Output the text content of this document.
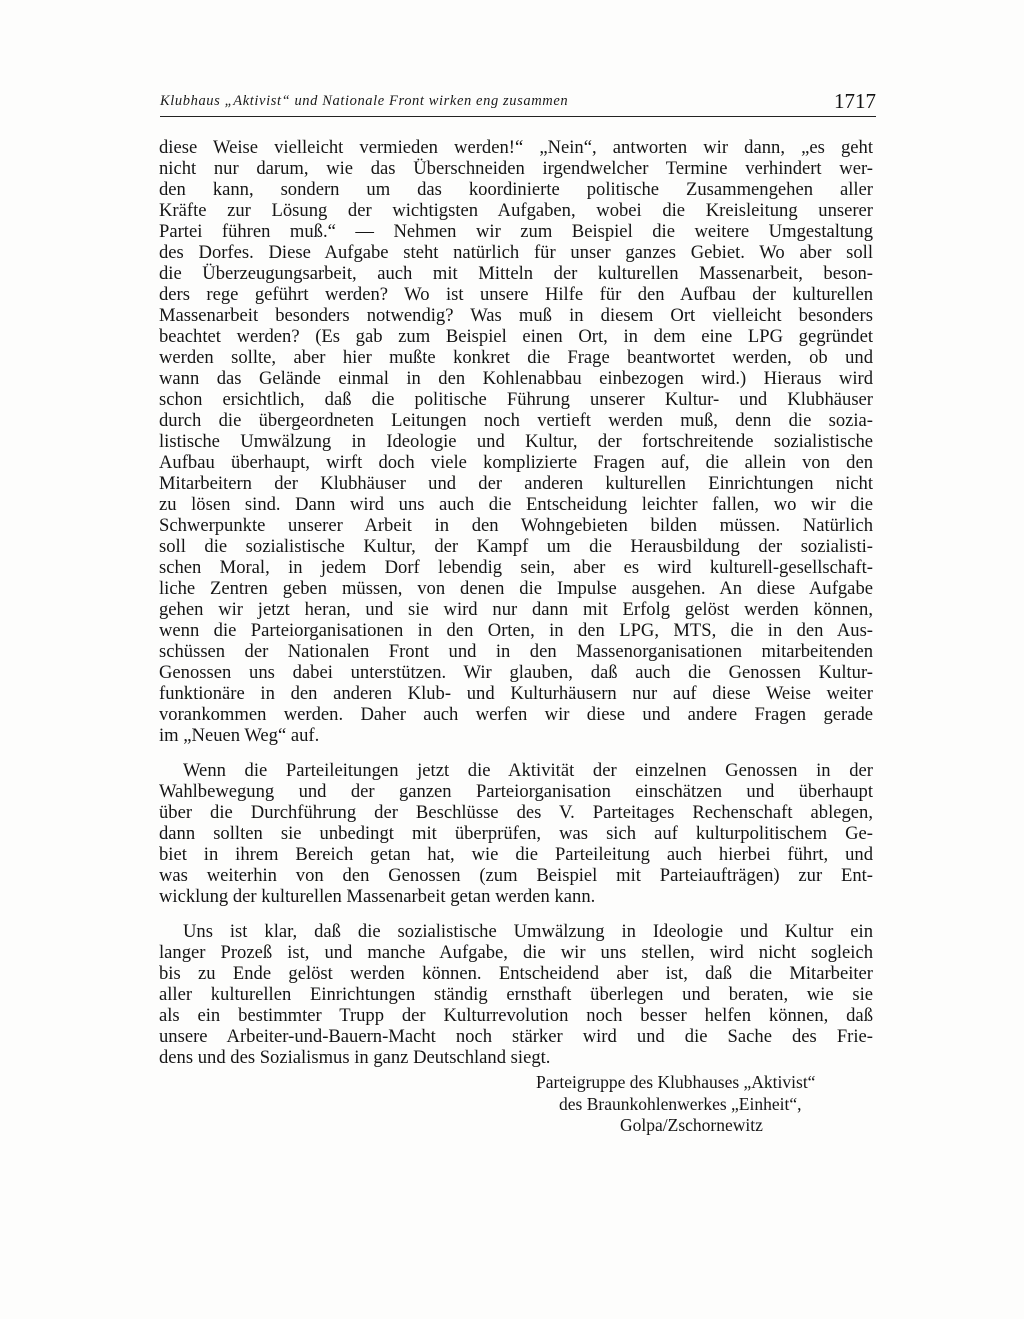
Klubhaus „Aktivist“ und Nationale Front wirken eng zusammen	1717
diese Weise vielleicht vermieden werden!“ „Nein“, antworten wir dann, „es geht
nicht nur darum, wie das Überschneiden irgendwelcher Termine verhindert wer-
den kann, sondern um das koordinierte politische Zusammengehen aller
Kräfte zur Lösung der wichtigsten Aufgaben, wobei die Kreisleitung unserer
Partei führen muß.“ — Nehmen wir zum Beispiel die weitere Umgestaltung
des Dorfes. Diese Aufgabe steht natürlich für unser ganzes Gebiet. Wo aber soll
die Überzeugungsarbeit, auch mit Mitteln der kulturellen Massenarbeit, beson-
ders rege geführt werden? Wo ist unsere Hilfe für den Aufbau der kulturellen
Massenarbeit besonders notwendig? Was muß in diesem Ort vielleicht besonders
beachtet werden? (Es gab zum Beispiel einen Ort, in dem eine LPG gegründet
werden sollte, aber hier mußte konkret die Frage beantwortet werden, ob und
wann das Gelände einmal in den Kohlenabbau einbezogen wird.) Hieraus wird
schon ersichtlich, daß die politische Führung unserer Kultur- und Klubhäuser
durch die übergeordneten Leitungen noch vertieft werden muß, denn die sozia-
listische Umwälzung in Ideologie und Kultur, der fortschreitende sozialistische
Aufbau überhaupt, wirft doch viele komplizierte Fragen auf, die allein von den
Mitarbeitern der Klubhäuser und der anderen kulturellen Einrichtungen nicht
zu lösen sind. Dann wird uns auch die Entscheidung leichter fallen, wo wir die
Schwerpunkte unserer Arbeit in den Wohngebieten bilden müssen. Natürlich
soll die sozialistische Kultur, der Kampf um die Herausbildung der sozialisti-
schen Moral, in jedem Dorf lebendig sein, aber es wird kulturell-gesellschaft-
liche Zentren geben müssen, von denen die Impulse ausgehen. An diese Aufgabe
gehen wir jetzt heran, und sie wird nur dann mit Erfolg gelöst werden können,
wenn die Parteiorganisationen in den Orten, in den LPG, MTS, die in den Aus-
schüssen der Nationalen Front und in den Massenorganisationen mitarbeitenden
Genossen uns dabei unterstützen. Wir glauben, daß auch die Genossen Kultur-
funktionäre in den anderen Klub- und Kulturhäusern nur auf diese Weise weiter
vorankommen werden. Daher auch werfen wir diese und andere Fragen gerade
im „Neuen Weg“ auf.
Wenn die Parteileitungen jetzt die Aktivität der einzelnen Genossen in der
Wahlbewegung und der ganzen Parteiorganisation einschätzen und überhaupt
über die Durchführung der Beschlüsse des V. Parteitages Rechenschaft ablegen,
dann sollten sie unbedingt mit überprüfen, was sich auf kulturpolitischem Ge-
biet in ihrem Bereich getan hat, wie die Parteileitung auch hierbei führt, und
was weiterhin von den Genossen (zum Beispiel mit Parteiaufträgen) zur Ent-
wicklung der kulturellen Massenarbeit getan werden kann.
Uns ist klar, daß die sozialistische Umwälzung in Ideologie und Kultur ein
langer Prozeß ist, und manche Aufgabe, die wir uns stellen, wird nicht sogleich
bis zu Ende gelöst werden können. Entscheidend aber ist, daß die Mitarbeiter
aller kulturellen Einrichtungen ständig ernsthaft überlegen und beraten, wie sie
als ein bestimmter Trupp der Kulturrevolution noch besser helfen können, daß
unsere Arbeiter-und-Bauern-Macht noch stärker wird und die Sache des Frie-
dens und des Sozialismus in ganz Deutschland siegt.
Parteigruppe des Klubhauses „Aktivist“
des Braunkohlenwerkes „Einheit“,
Golpa/Zschornewitz
